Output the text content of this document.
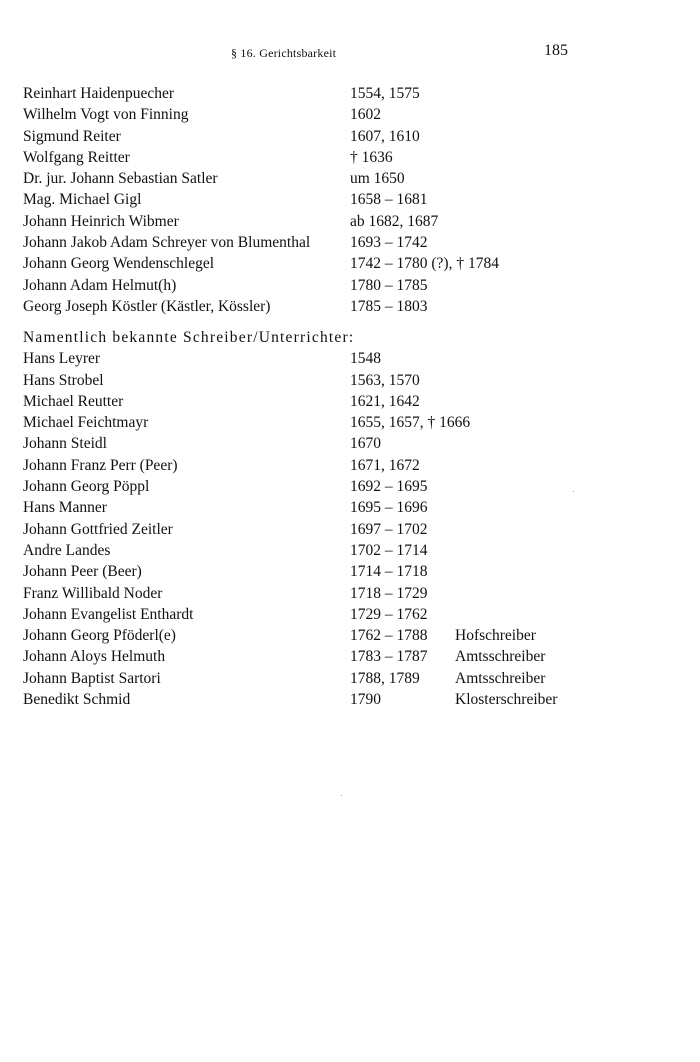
§ 16. Gerichtsbarkeit	185
Reinhart Haidenpuecher	1554, 1575
Wilhelm Vogt von Finning	1602
Sigmund Reiter	1607, 1610
Wolfgang Reitter	† 1636
Dr. jur. Johann Sebastian Satler	um 1650
Mag. Michael Gigl	1658 – 1681
Johann Heinrich Wibmer	ab 1682, 1687
Johann Jakob Adam Schreyer von Blumenthal	1693 – 1742
Johann Georg Wendenschlegel	1742 – 1780 (?), † 1784
Johann Adam Helmut(h)	1780 – 1785
Georg Joseph Köstler (Kästler, Kössler)	1785 – 1803
Namentlich bekannte Schreiber/Unterrichter:
Hans Leyrer	1548
Hans Strobel	1563, 1570
Michael Reutter	1621, 1642
Michael Feichtmayr	1655, 1657, † 1666
Johann Steidl	1670
Johann Franz Perr (Peer)	1671, 1672
Johann Georg Pöppl	1692 – 1695
Hans Manner	1695 – 1696
Johann Gottfried Zeitler	1697 – 1702
Andre Landes	1702 – 1714
Johann Peer (Beer)	1714 – 1718
Franz Willibald Noder	1718 – 1729
Johann Evangelist Enthardt	1729 – 1762
Johann Georg Pföderl(e)	1762 – 1788 Hofschreiber
Johann Aloys Helmuth	1783 – 1787 Amtsschreiber
Johann Baptist Sartori	1788, 1789 Amtsschreiber
Benedikt Schmid	1790	Klosterschreiber
